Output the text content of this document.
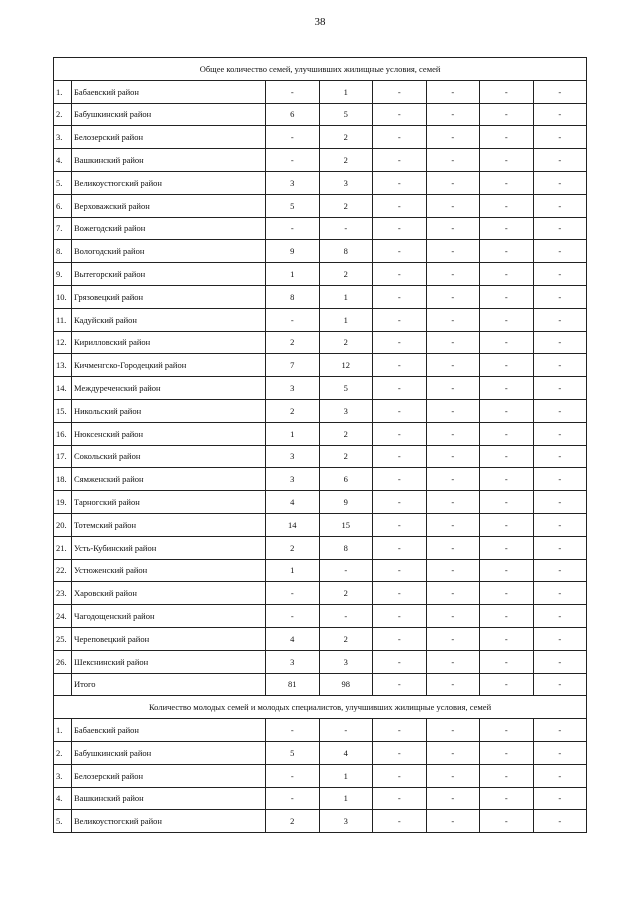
38
Общее количество семей, улучшивших жилищные условия, семей							
1.	Бабаевский район	-	1	-	-	-	-
2.	Бабушкинский район	6	5	-	-	-	-
3.	Белозерский район	-	2	-	-	-	-
4.	Вашкинский район	-	2	-	-	-	-
5.	Великоустюгский район	3	3	-	-	-	-
6.	Верховажский район	5	2	-	-	-	-
7.	Вожегодский район	-	-	-	-	-	-
8.	Вологодский район	9	8	-	-	-	-
9.	Вытегорский район	1	2	-	-	-	-
10.	Грязовецкий район	8	1	-	-	-	-
11.	Кадуйский район	-	1	-	-	-	-
12.	Кирилловский район	2	2	-	-	-	-
13.	Кичменгско-Городецкий район	7	12	-	-	-	-
14.	Междуреченский район	3	5	-	-	-	-
15.	Никольский район	2	3	-	-	-	-
16.	Нюксенский район	1	2	-	-	-	-
17.	Сокольский район	3	2	-	-	-	-
18.	Сямженский район	3	6	-	-	-	-
19.	Тарногский район	4	9	-	-	-	-
20.	Тотемский район	14	15	-	-	-	-
21.	Усть-Кубинский район	2	8	-	-	-	-
22.	Устюженский район	1	-	-	-	-	-
23.	Харовский район	-	2	-	-	-	-
24.	Чагодощенский район	-	-	-	-	-	-
25.	Череповецкий район	4	2	-	-	-	-
26.	Шекснинский район	3	3	-	-	-	-
	Итого	81	98	-	-	-	-
Количество молодых семей и молодых специалистов, улучшивших жилищные условия, семей							
1.	Бабаевский район	-	-	-	-	-	-
2.	Бабушкинский район	5	4	-	-	-	-
3.	Белозерский район	-	1	-	-	-	-
4.	Вашкинский район	-	1	-	-	-	-
5.	Великоустюгский район	2	3	-	-	-	-
